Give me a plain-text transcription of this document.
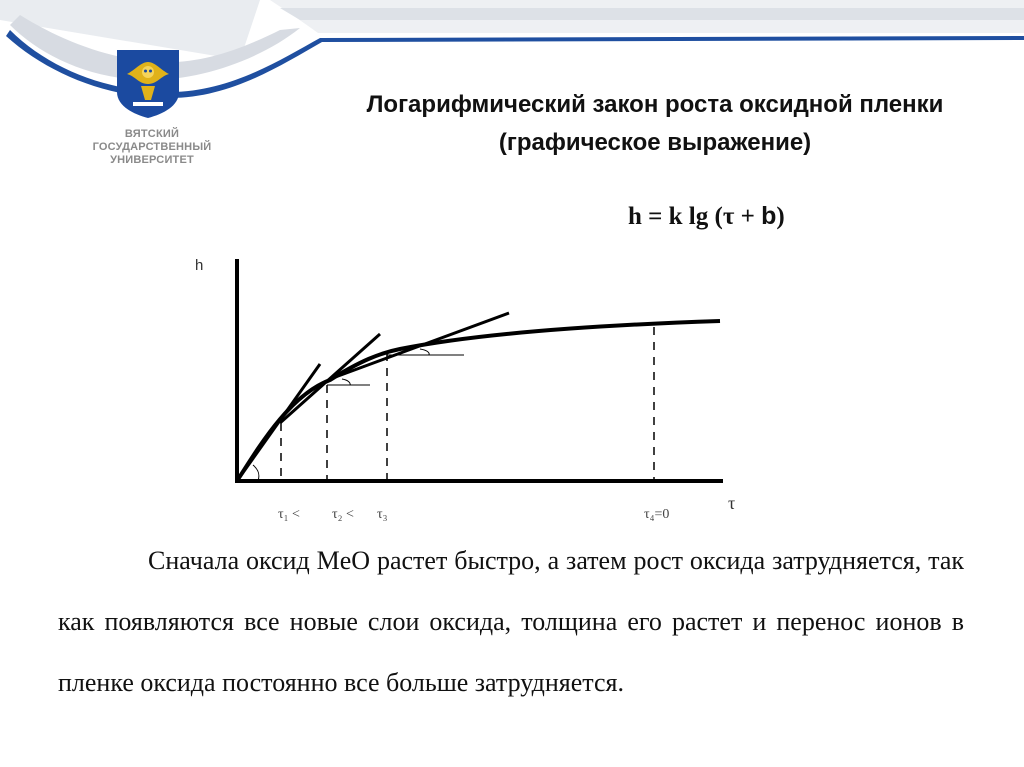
ВЯТСКИЙ
ГОСУДАРСТВЕННЫЙ
УНИВЕРСИТЕТ
Логарифмический закон роста оксидной пленки (графическое выражение)
h = k lg (τ + b)
h
τ
τ₁ < τ₂ < τ₃	τ₄=0
Сначала оксид MeO растет быстро, а затем рост оксида затрудняется, так как появляются все новые слои оксида, толщина его растет и перенос ионов в пленке оксида постоянно все больше затрудняется.
